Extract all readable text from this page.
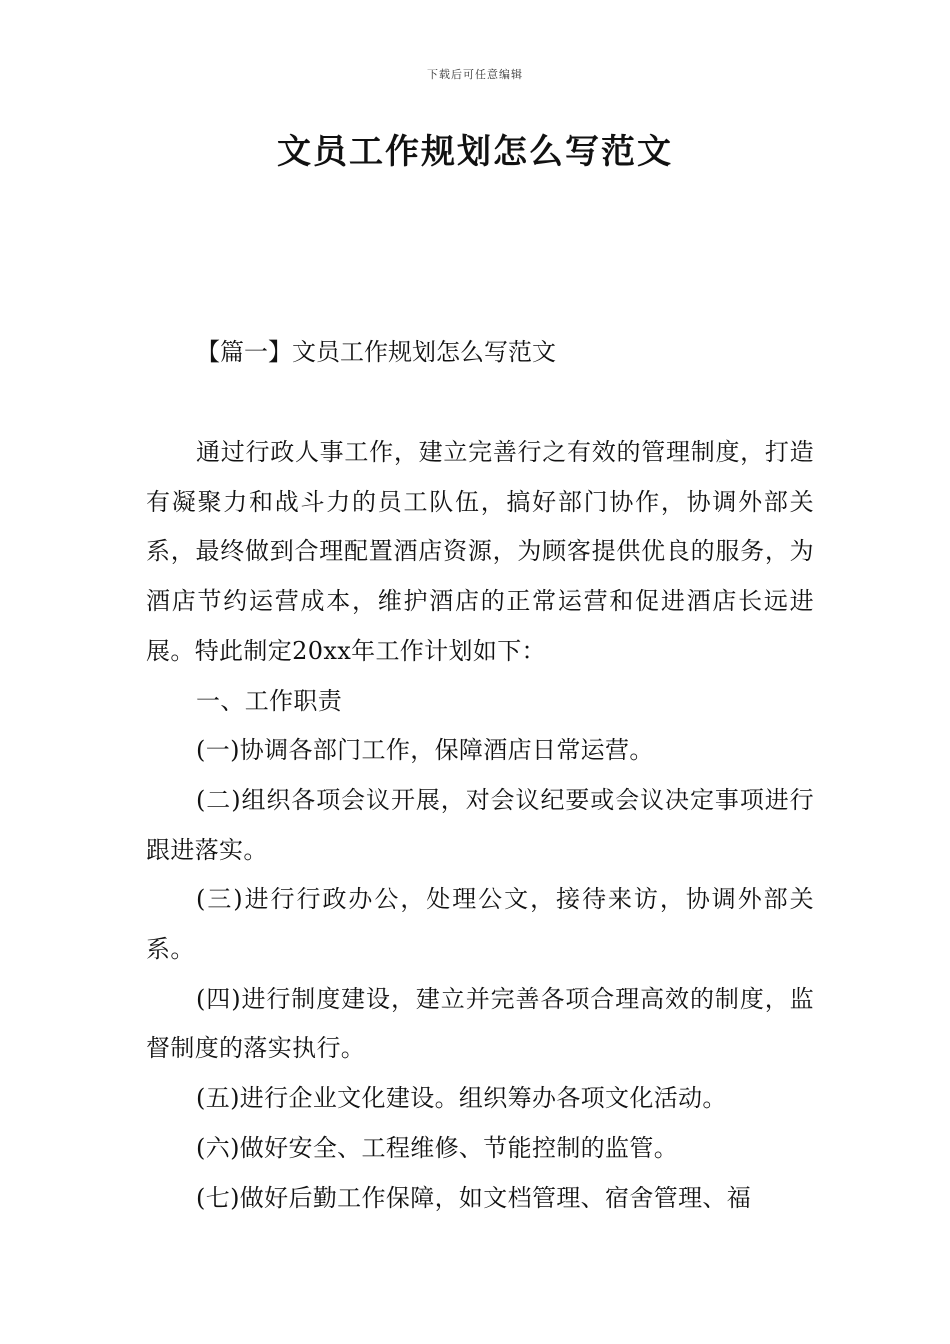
下载后可任意编辑
文员工作规划怎么写范文
【篇一】文员工作规划怎么写范文

通过行政人事工作，建立完善行之有效的管理制度，打造有凝聚力和战斗力的员工队伍，搞好部门协作，协调外部关系，最终做到合理配置酒店资源，为顾客提供优良的服务，为酒店节约运营成本，维护酒店的正常运营和促进酒店长远进展。特此制定20xx年工作计划如下：

一、工作职责

(一)协调各部门工作，保障酒店日常运营。

(二)组织各项会议开展，对会议纪要或会议决定事项进行跟进落实。

(三)进行行政办公，处理公文，接待来访，协调外部关系。

(四)进行制度建设，建立并完善各项合理高效的制度，监督制度的落实执行。

(五)进行企业文化建设。组织筹办各项文化活动。

(六)做好安全、工程维修、节能控制的监管。

(七)做好后勤工作保障，如文档管理、宿舍管理、福
